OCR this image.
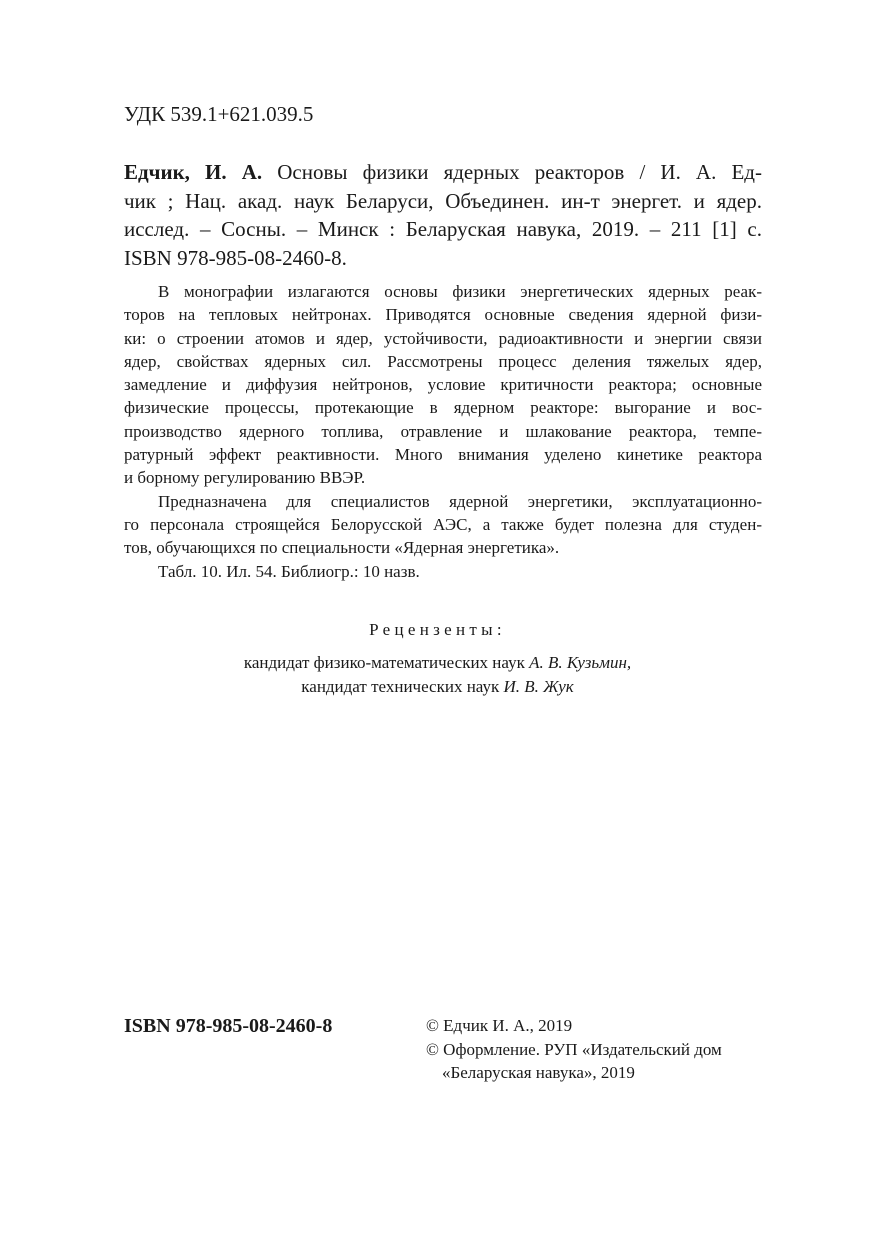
УДК 539.1+621.039.5
Едчик, И. А. Основы физики ядерных реакторов / И. А. Ед-
чик ; Нац. акад. наук Беларуси, Объединен. ин-т энергет. и ядер.
исслед. – Сосны. – Минск : Беларуская навука, 2019. – 211 [1] с.
ISBN 978-985-08-2460-8.
В монографии излагаются основы физики энергетических ядерных реак-
торов на тепловых нейтронах. Приводятся основные сведения ядерной физи-
ки: о строении атомов и ядер, устойчивости, радиоактивности и энергии связи
ядер, свойствах ядерных сил. Рассмотрены процесс деления тяжелых ядер,
замедление и диффузия нейтронов, условие критичности реактора; основные
физические процессы, протекающие в ядерном реакторе: выгорание и вос-
производство ядерного топлива, отравление и шлакование реактора, темпе-
ратурный эффект реактивности. Много внимания уделено кинетике реактора
и борному регулированию ВВЭР.
Предназначена для специалистов ядерной энергетики, эксплуатационно-
го персонала строящейся Белорусской АЭС, а также будет полезна для студен-
тов, обучающихся по специальности «Ядерная энергетика».
Табл. 10. Ил. 54. Библиогр.: 10 назв.
Рецензенты:
кандидат физико-математических наук А. В. Кузьмин,
кандидат технических наук И. В. Жук
ISBN 978-985-08-2460-8	© Едчик И. А., 2019
© Оформление. РУП «Издательский дом
«Беларуская навука», 2019
